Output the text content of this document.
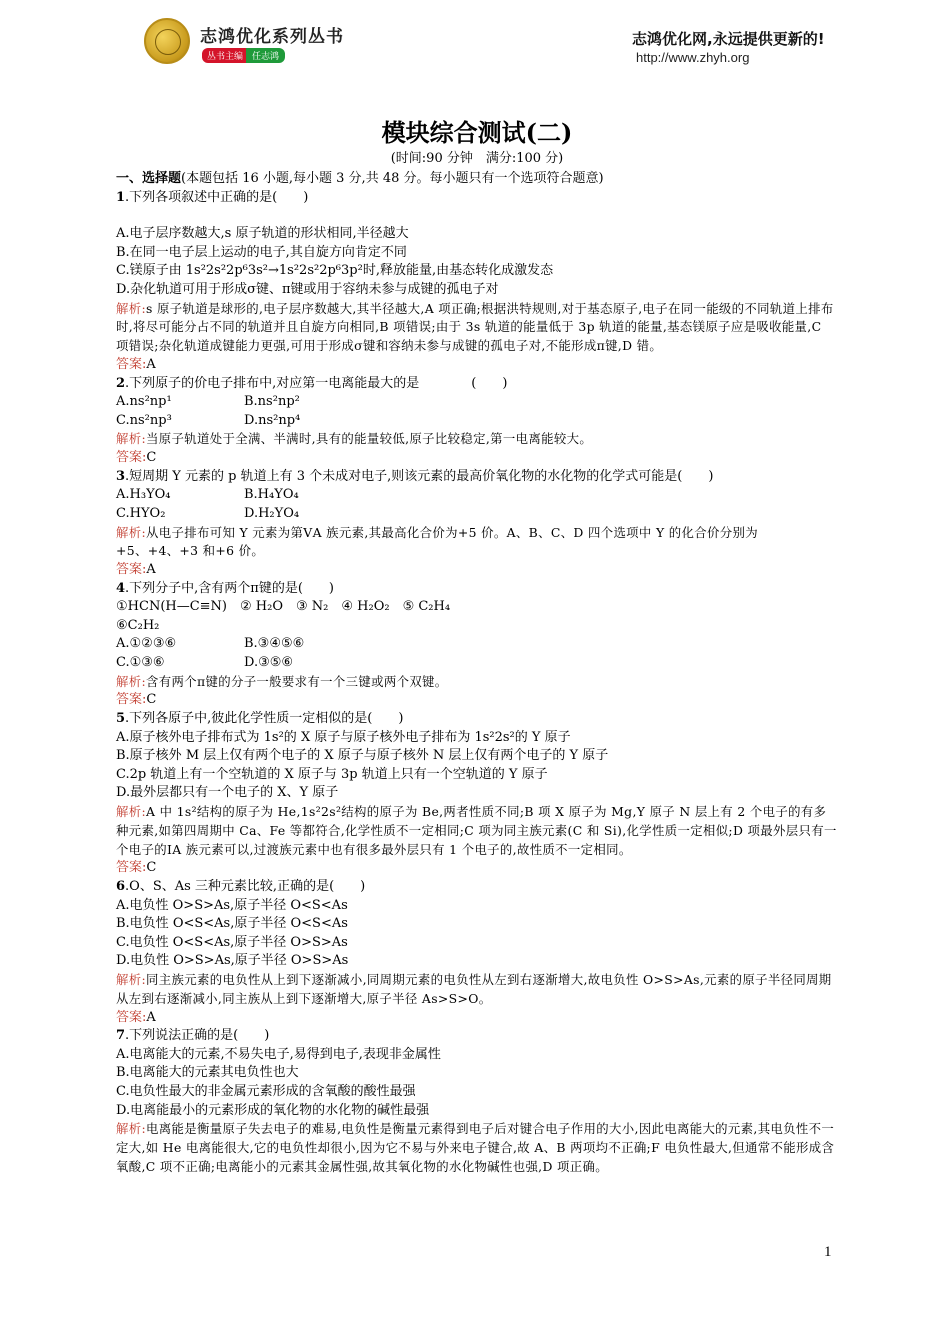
志鸿优化系列丛书
丛书主编 任志鸿
志鸿优化网,永远提供更新的!
http://www.zhyh.org
模块综合测试(二)
(时间:90 分钟　满分:100 分)
一、选择题(本题包括 16 小题,每小题 3 分,共 48 分。每小题只有一个选项符合题意)
1.下列各项叙述中正确的是(　　)
A.电子层序数越大,s 原子轨道的形状相同,半径越大
B.在同一电子层上运动的电子,其自旋方向肯定不同
C.镁原子由 1s²2s²2p⁶3s²→1s²2s²2p⁶3p²时,释放能量,由基态转化成激发态
D.杂化轨道可用于形成σ键、π键或用于容纳未参与成键的孤电子对
解析:s 原子轨道是球形的,电子层序数越大,其半径越大,A 项正确;根据洪特规则,对于基态原子,电子在同一能级的不同轨道上排布时,将尽可能分占不同的轨道并且自旋方向相同,B 项错误;由于 3s 轨道的能量低于 3p 轨道的能量,基态镁原子应是吸收能量,C 项错误;杂化轨道成键能力更强,可用于形成σ键和容纳未参与成键的孤电子对,不能形成π键,D 错。
答案:A
2.下列原子的价电子排布中,对应第一电离能最大的是　　　　(　　)
A.ns²np¹	B.ns²np²
C.ns²np³	D.ns²np⁴
解析:当原子轨道处于全满、半满时,具有的能量较低,原子比较稳定,第一电离能较大。
答案:C
3.短周期 Y 元素的 p 轨道上有 3 个未成对电子,则该元素的最高价氧化物的水化物的化学式可能是(　　)
A.H₃YO₄	B.H₄YO₄
C.HYO₂	D.H₂YO₄
解析:从电子排布可知 Y 元素为第ⅤA 族元素,其最高化合价为+5 价。A、B、C、D 四个选项中 Y 的化合价分别为+5、+4、+3 和+6 价。
答案:A
4.下列分子中,含有两个π键的是(　　)
①HCN(H—C≡N)　② H₂O　③ N₂　④ H₂O₂　⑤ C₂H₄
⑥C₂H₂
A.①②③⑥	B.③④⑤⑥
C.①③⑥	D.③⑤⑥
解析:含有两个π键的分子一般要求有一个三键或两个双键。
答案:C
5.下列各原子中,彼此化学性质一定相似的是(　　)
A.原子核外电子排布式为 1s²的 X 原子与原子核外电子排布为 1s²2s²的 Y 原子
B.原子核外 M 层上仅有两个电子的 X 原子与原子核外 N 层上仅有两个电子的 Y 原子
C.2p 轨道上有一个空轨道的 X 原子与 3p 轨道上只有一个空轨道的 Y 原子
D.最外层都只有一个电子的 X、Y 原子
解析:A 中 1s²结构的原子为 He,1s²2s²结构的原子为 Be,两者性质不同;B 项 X 原子为 Mg,Y 原子 N 层上有 2 个电子的有多种元素,如第四周期中 Ca、Fe 等都符合,化学性质不一定相同;C 项为同主族元素(C 和 Si),化学性质一定相似;D 项最外层只有一个电子的ⅠA 族元素可以,过渡族元素中也有很多最外层只有 1 个电子的,故性质不一定相同。
答案:C
6.O、S、As 三种元素比较,正确的是(　　)
A.电负性 O>S>As,原子半径 O<S<As
B.电负性 O<S<As,原子半径 O<S<As
C.电负性 O<S<As,原子半径 O>S>As
D.电负性 O>S>As,原子半径 O>S>As
解析:同主族元素的电负性从上到下逐渐减小,同周期元素的电负性从左到右逐渐增大,故电负性 O>S>As,元素的原子半径同周期从左到右逐渐减小,同主族从上到下逐渐增大,原子半径 As>S>O。
答案:A
7.下列说法正确的是(　　)
A.电离能大的元素,不易失电子,易得到电子,表现非金属性
B.电离能大的元素其电负性也大
C.电负性最大的非金属元素形成的含氧酸的酸性最强
D.电离能最小的元素形成的氧化物的水化物的碱性最强
解析:电离能是衡量原子失去电子的难易,电负性是衡量元素得到电子后对键合电子作用的大小,因此电离能大的元素,其电负性不一定大,如 He 电离能很大,它的电负性却很小,因为它不易与外来电子键合,故 A、B 两项均不正确;F 电负性最大,但通常不能形成含氧酸,C 项不正确;电离能小的元素其金属性强,故其氧化物的水化物碱性也强,D 项正确。
1
